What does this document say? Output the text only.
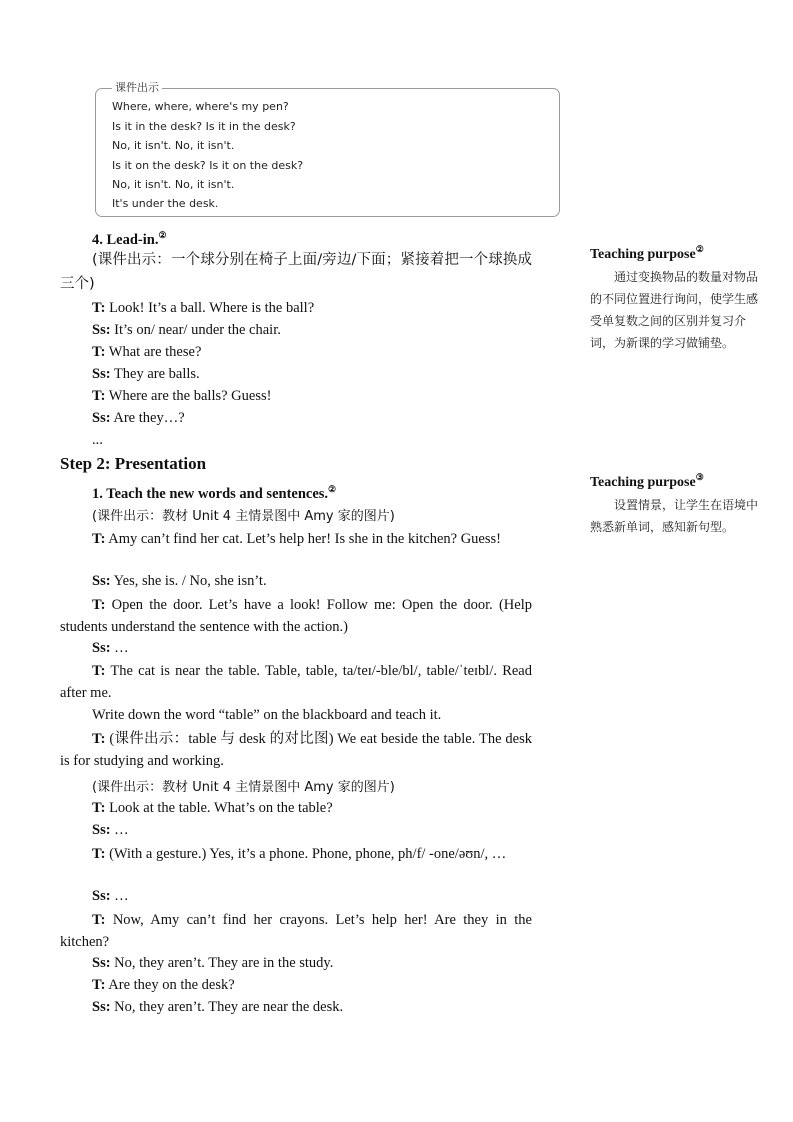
课件出示
Where, where, where's my pen?
Is it in the desk? Is it in the desk?
No, it isn't. No, it isn't.
Is it on the desk? Is it on the desk?
No, it isn't. No, it isn't.
It's under the desk.
4. Lead-in.②
(课件出示：一个球分别在椅子上面/旁边/下面；紧接着把一个球换成三个)
T: Look! It’s a ball. Where is the ball?
Ss: It’s on/ near/ under the chair.
T: What are these?
Ss: They are balls.
T: Where are the balls? Guess!
Ss: Are they…?
...
Step 2: Presentation
1. Teach the new words and sentences.②
(课件出示：教材 Unit 4 主情景图中 Amy 家的图片)
T: Amy can’t find her cat. Let’s help her! Is she in the kitchen? Guess!
Ss: Yes, she is. / No, she isn’t.
T: Open the door. Let’s have a look! Follow me: Open the door. (Help students understand the sentence with the action.)
Ss: …
T: The cat is near the table. Table, table, ta/teɪ/-ble/bl/, table/ˈteɪbl/. Read after me.
Write down the word “table” on the blackboard and teach it.
T: (课件出示：table 与 desk 的对比图) We eat beside the table. The desk is for studying and working.
(课件出示：教材 Unit 4 主情景图中 Amy 家的图片)
T: Look at the table. What’s on the table?
Ss: …
T: (With a gesture.) Yes, it’s a phone. Phone, phone, ph/f/ -one/əʊn/, …
Ss: …
T: Now, Amy can’t find her crayons. Let’s help her! Are they in the kitchen?
Ss: No, they aren’t. They are in the study.
T: Are they on the desk?
Ss: No, they aren’t. They are near the desk.
Teaching purpose②
通过变换物品的数量对物品的不同位置进行询问，使学生感受单复数之间的区别并复习介词，为新课的学习做铺垫。
Teaching purpose③
设置情景，让学生在语境中熟悉新单词，感知新句型。
